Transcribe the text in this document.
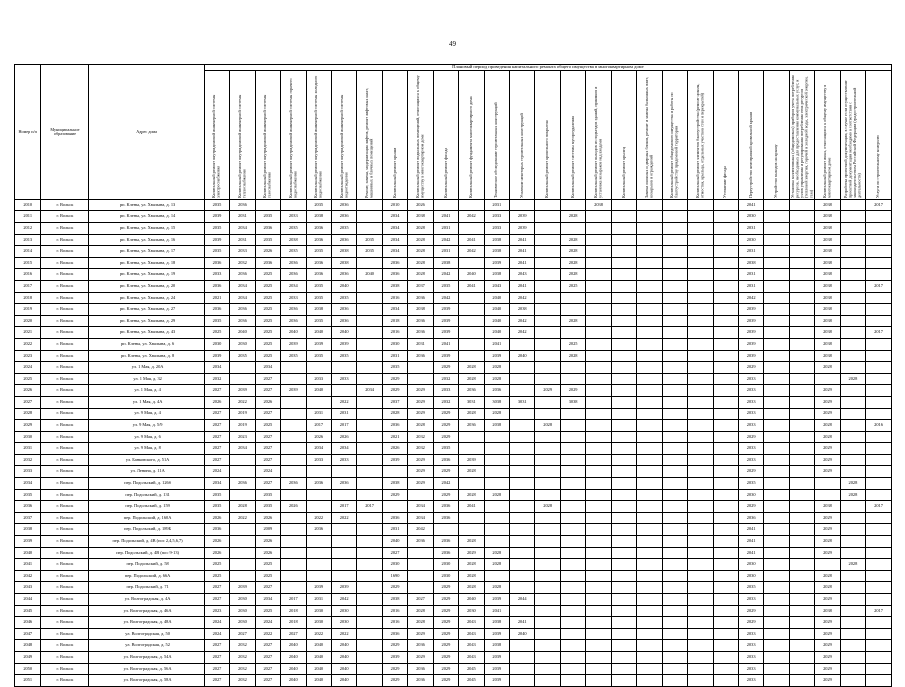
49
Номер п/п	Муниципальное образование	Адрес дома	Плановый период проведения капитального ремонта общего имущества в многоквартирном доме																										

			Капитальный ремонт внутридомовой инженерной системы электроснабжения	Капитальный ремонт внутридомовой инженерной системы теплоснабжения	Капитальный ремонт внутридомовой инженерной системы газоснабжения	Капитальный ремонт внутридомовой инженерной системы горячего водоснабжения	Капитальный ремонт внутридомовой инженерной системы холодного водоснабжения	Капитальный ремонт внутридомовой инженерной системы водоотведения	Ремонт, замена, модернизация лифтов, ремонт лифтовых шахт, машинных и блочных помещений	Капитальный ремонт крыши	Капитальный ремонт подвальных помещений, относящихся к общему имуществу в многоквартирном доме	Капитальный ремонт фасада	Капитальный ремонт фундамента многоквартирного дома	Техническое обследование строительных конструкций	Усиление некоторых строительных конструкций	Капитальный ремонт кровельного покрытия	Капитальный ремонт системы мусороудаления	Капитальный ремонт выходов из подъездов зданий, приямков и установка козырьков над входами	Капитальный ремонт крылец	Замена оконных и дверных блоков, ремонт и замена балконных плит, козырьков и ограждений	Капитальный ремонт общедомового имущества и работы по благоустройству придомовой территории	Капитальный ремонт элементов благоустройства (ремонт цоколя, отмостки, крыльца, отдельных участков стен и перекрытий)	Уточнение фасада	Переустройство неисправной кровельной крыши	Устройство выходов на крышу	Установка коллективных (общедомовых) приборов учета потребления ресурсов, необходимых для предоставления коммунальных услуг, и узлов управления и регулирования потребления этих ресурсов (тепловой энергии, горячей и холодной воды, электрической энергии, газа)	Капитальный ремонт иных, относящихся к общему имуществу в многоквартирном доме	Разработка проектной документации, в случае если осуществление проектной документации необходимо в соответствии с законодательством Российской Федерации (градостроительной деятельности)	Услуги по строительному контролю

2010	г. Вольск	рп. Клены, ул. Хвалына, д. 13	2035	2036			2035	2036		2010	2026			2031				2038						2041			2038		2017
2011	г. Вольск	рп. Клены, ул. Хвалына, д. 14	2039	2031	2035	2033	2038	2036		2034	2038	2041	2042	2033	2039		2028							2030			2038		
2012	г. Вольск	рп. Клены, ул. Хвалына, д. 15	2035	2034	2036	2035	2036	2035		2034	2028	2031		2033	2039									2031			2038		
2013	г. Вольск	рп. Клены, ул. Хвалына, д. 16	2039	2031	2035	2038	2036	2036	2035	2034	2028	2042	2041	2038	2041		2028							2030			2038		
2014	г. Вольск	рп. Клены, ул. Хвалына, д. 17	2035	2033	2026	2035	2035	2038	2035	2034	2028	2031	2042	2038	2041		2028							2031			2038		
2015	г. Вольск	рп. Клены, ул. Хвалына, д. 18	2036	2032	2036	2036	2036	2038		2036	2028	2038		2039	2041		2028							2038			2038		
2016	г. Вольск	рп. Клены, ул. Хвалына, д. 19	2033	2036	2025	2036	2036	2036	2040	2036	2028	2042	2040	2038	2043		2028							2031			2038		
2017	г. Вольск	рп. Клены, ул. Хвалына, д. 20	2036	2034	2025	2034	2035	2040		2038	2037	2035	2041	2043	2041		2025							2031			2038		2017
2018	г. Вольск	рп. Клены, ул. Хвалына, д. 24	2021	2034	2025	2033	2035	2035		2016	2036	2042		2040	2042									2042			2038		
2019	г. Вольск	рп. Клены, ул. Хвалына, д. 27	2036	2036	2025	2036	2038	2036		2034	2038	2039		2040	2038									2039			2038		
2020	г. Вольск	рп. Клены, ул. Хвалына, д. 29	2035	2036	2025	2036	2035	2036		2018	2036	2039		2040	2042		2028							2039			2038		
2021	г. Вольск	рп. Клены, ул. Хвалына, д. 43	2025	2040	2025	2040	2040	2040		2016	2036	2039		2040	2042									2039			2038		2017
2022	г. Вольск	рп. Клены, ул. Хвалына, д. 6	2030	2030	2025	2039	2039	2039		2030	2031	2041		2041			2025							2039			2038		
2023	г. Вольск	рп. Клены, ул. Хвалына, д. 8	2039	2035	2025	2035	2035	2035		2031	2036	2039		2039	2040		2028							2039			2038		
2024	г. Вольск	ул. 1 Мая, д. 20А	2034		2034					2035		2029	2028	2028										2029			2028		
2025	г. Вольск	ул. 1 Мая, д. 32	2032		2027		2033	2033		2029		2032	2028	2028										2033				2028	
2026	г. Вольск	ул. 1 Мая, д. 4	2027	2039	2027	2039	2040		2034	2029	2029	2033	2036	2036		2029	2029							2033			2029		
2027	г. Вольск	ул. 1 Мая, д. 4А	2026	2022	2026			2022		2037	2029	2032	3031	3038	3031		3038							2033			2029		
2028	г. Вольск	ул. 9 Мая, д. 4	2027	2019	2027		2031	2031		2028	2029	2029	2028	2028										2033			2029		
2029	г. Вольск	ул. 9 Мая, д. 5/9	2027	2019	2025		2017	2017		2036	2028	2029	2036	2038		2028								2033			2028		2016
2030	г. Вольск	ул. 9 Мая, д. 6	2027	2023	2027		2026	2026		2021	2032	2029												2029			2028		
2031	г. Вольск	ул. 9 Мая, д. 8	2027	2034	2027		2034	2034		2026	2032	2035												2033			2029		
2032	г. Вольск	ул. Банковского, д. 51А	2027		2027		2033	2033		2039	2029	2036	2039											2033			2029		
2033	г. Вольск	ул. Ленина, д. 11А	2024		2024						2029	2029	2028											2029			2029		
2034	г. Вольск	пер. Подольский, д. 126б	2034	2036	2027	2036	2036	2036		2038	2029	2042												2035				2028	
2035	г. Вольск	пер. Подольский, д. 131	2035		2035					2029		2029	2028	2028										2030				2028	
2036	г. Вольск	пер. Подольский, д. 159	2035	2028	2035	2026		2017	2017		2034	2036	2041			2028								2029			2038		2017
2037	г. Вольск	пер. Подольский, д. 160А	2026	2022	2026		2022	2022		2036	2034	2036												2036			2029		
2038	г. Вольск	пер. Подольский, д. 189Б	2036		2009		2036			2031	2042													2041			2029		
2039	г. Вольск	пер. Подольский, д. 4В (пос 2,4,5,6,7)	2026		2026					2040	2036	2036	2028											2041			2028		
2040	г. Вольск	пер. Подольский, д. 4В (пос 9-13)	2026		2026					2027		2036	2029	2028										2041			2029		
2041	г. Вольск	пер. Подольский, д. 58	2025		2025					2030		2030	2028	2028										2030				2028	
2042	г. Вольск	пер. Подольский, д. 66А	2025		2025					1690		2030	2028											2030			2028		
2043	г. Вольск	пер. Подольский, д. 71	2027	2039	2027		2039	2039		2029		2029	2028	2028										2035			2028		
2044	г. Вольск	ул. Волгоградская, д. 4А	2027	2030	2034	2017	2031	2042		2038	2027	2029	2040	2039	2044									2033			2029		
2045	г. Вольск	ул. Волгоградская, д. 46А	2023	2030	2025	2018	2030	2030		2016	2028	2029	2030	2041										2029			2038		2017
2046	г. Вольск	ул. Волгоградская, д. 48А	2024	2030	2024	2018	2030	2030		2016	2028	2029	2043	2038	2041									2029			2029		
2047	г. Вольск	ул. Волгоградская, д. 50	2024	2027	2022	2027	2022	2022		2036	2029	2029	2043	2039	2040									2033			2029		
2048	г. Вольск	ул. Волгоградская, д. 52	2027	2032	2027	2040	2040	2040		2029	2036	2029	2043	2038										2033			2029		
2049	г. Вольск	ул. Волгоградская, д. 54А	2027	2032	2027	2040	2040	2040		2039	2029	2029	2043	2039										2033			2029		
2050	г. Вольск	ул. Волгоградская, д. 56А	2027	2032	2027	2040	2040	2040		2029	2036	2029	2045	2039										2033			2029		
2051	г. Вольск	ул. Волгоградская, д. 58А	2027	2032	2027	2040	2040	2040		2029	2036	2029	2045	2039										2033			2029		
